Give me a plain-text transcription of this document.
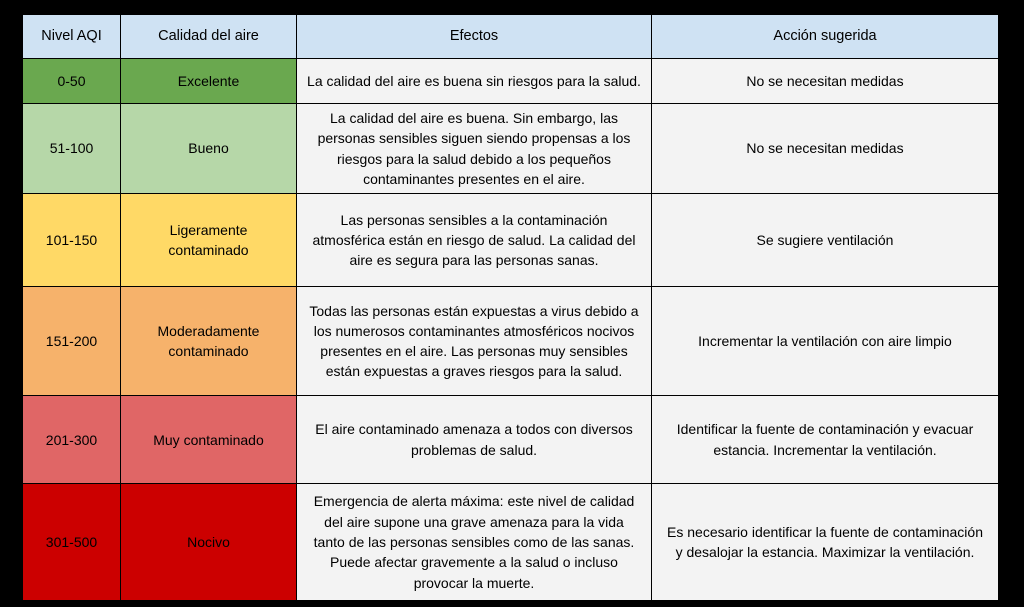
Nivel AQI	Calidad del aire	Efectos	Acción sugerida
0-50	Excelente	La calidad del aire es buena sin riesgos para la salud.	No se necesitan medidas
51-100	Bueno	La calidad del aire es buena. Sin embargo, las personas sensibles siguen siendo propensas a los riesgos para la salud debido a los pequeños contaminantes presentes en el aire.	No se necesitan medidas
101-150	Ligeramente contaminado	Las personas sensibles a la contaminación atmosférica están en riesgo de salud. La calidad del aire es segura para las personas sanas.	Se sugiere ventilación
151-200	Moderadamente contaminado	Todas las personas están expuestas a virus debido a los numerosos contaminantes atmosféricos nocivos presentes en el aire. Las personas muy sensibles están expuestas a graves riesgos para la salud.	Incrementar la ventilación con aire limpio
201-300	Muy contaminado	El aire contaminado amenaza a todos con diversos problemas de salud.	Identificar la fuente de contaminación y evacuar estancia. Incrementar la ventilación.
301-500	Nocivo	Emergencia de alerta máxima: este nivel de calidad del aire supone una grave amenaza para la vida tanto de las personas sensibles como de las sanas. Puede afectar gravemente a la salud o incluso provocar la muerte.	Es necesario identificar la fuente de contaminación y desalojar la estancia. Maximizar la ventilación.
